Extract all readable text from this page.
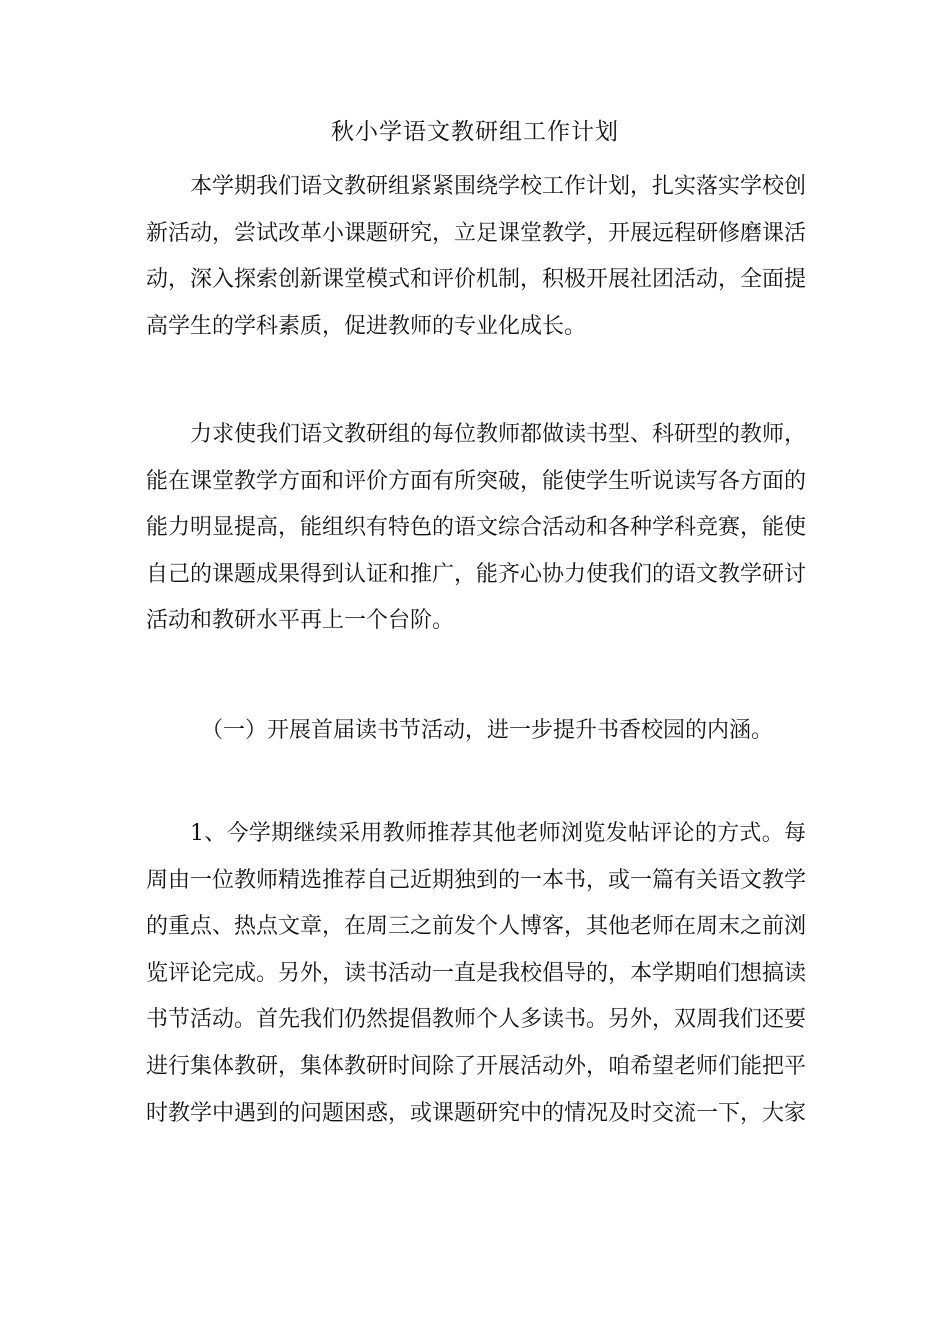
秋小学语文教研组工作计划

本学期我们语文教研组紧紧围绕学校工作计划，扎实落实学校创新活动，尝试改革小课题研究，立足课堂教学，开展远程研修磨课活动，深入探索创新课堂模式和评价机制，积极开展社团活动，全面提高学生的学科素质，促进教师的专业化成长。

力求使我们语文教研组的每位教师都做读书型、科研型的教师，能在课堂教学方面和评价方面有所突破，能使学生听说读写各方面的能力明显提高，能组织有特色的语文综合活动和各种学科竞赛，能使自己的课题成果得到认证和推广，能齐心协力使我们的语文教学研讨活动和教研水平再上一个台阶。

（一）开展首届读书节活动，进一步提升书香校园的内涵。

1、今学期继续采用教师推荐其他老师浏览发帖评论的方式。每周由一位教师精选推荐自己近期独到的一本书，或一篇有关语文教学的重点、热点文章，在周三之前发个人博客，其他老师在周末之前浏览评论完成。另外，读书活动一直是我校倡导的，本学期咱们想搞读书节活动。首先我们仍然提倡教师个人多读书。另外，双周我们还要进行集体教研，集体教研时间除了开展活动外，咱希望老师们能把平时教学中遇到的问题困惑，或课题研究中的情况及时交流一下，大家
